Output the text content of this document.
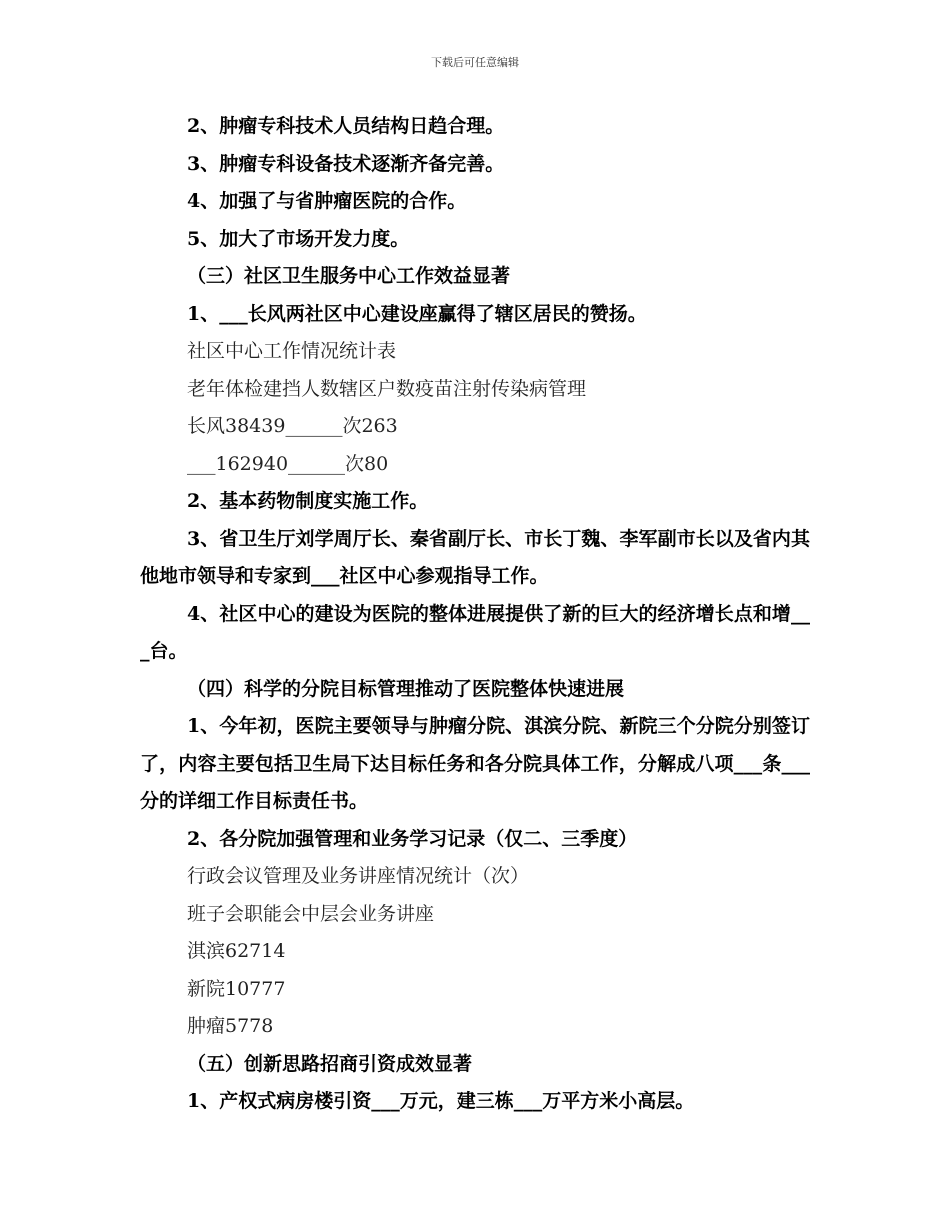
下载后可任意编辑
2、肿瘤专科技术人员结构日趋合理。
3、肿瘤专科设备技术逐渐齐备完善。
4、加强了与省肿瘤医院的合作。
5、加大了市场开发力度。
（三）社区卫生服务中心工作效益显著
1、___长风两社区中心建设座赢得了辖区居民的赞扬。
社区中心工作情况统计表
老年体检建挡人数辖区户数疫苗注射传染病管理
长风38439______次263
___162940______次80
2、基本药物制度实施工作。

3、省卫生厅刘学周厅长、秦省副厅长、市长丁魏、李军副市长以及省内其他地市领导和专家到___社区中心参观指导工作。

4、社区中心的建设为医院的整体进展提供了新的巨大的经济增长点和增___台。

（四）科学的分院目标管理推动了医院整体快速进展

1、今年初，医院主要领导与肿瘤分院、淇滨分院、新院三个分院分别签订了，内容主要包括卫生局下达目标任务和各分院具体工作，分解成八项___条___分的详细工作目标责任书。

2、各分院加强管理和业务学习记录（仅二、三季度）
行政会议管理及业务讲座情况统计（次）
班子会职能会中层会业务讲座
淇滨62714
新院10777
肿瘤5778
（五）创新思路招商引资成效显著
1、产权式病房楼引资___万元，建三栋___万平方米小高层。
